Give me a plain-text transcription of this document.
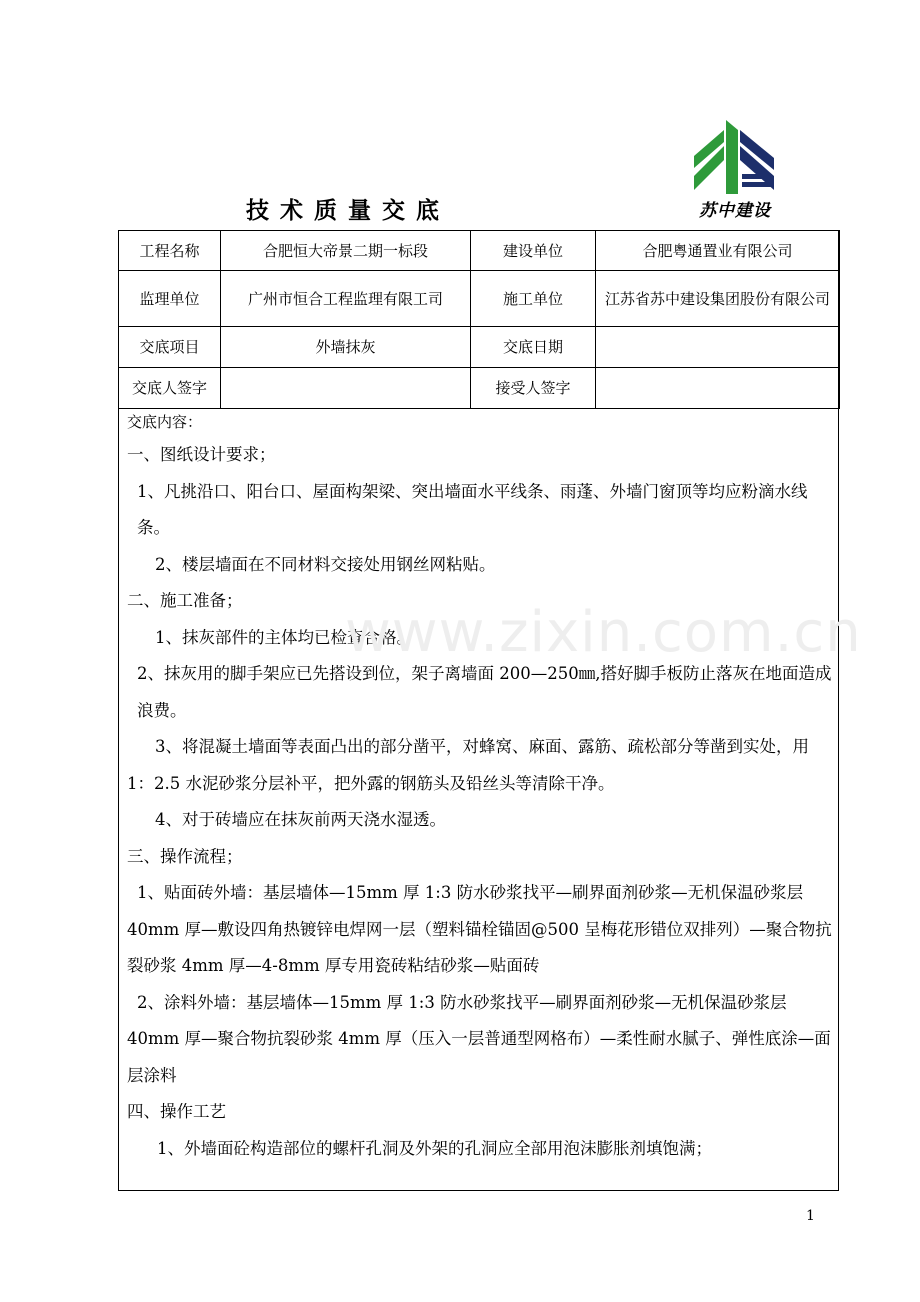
苏中建设
技术质量交底
工程名称	合肥恒大帝景二期一标段	建设单位	合肥粤通置业有限公司
监理单位	广州市恒合工程监理有限工司	施工单位	江苏省苏中建设集团股份有限公司
交底项目	外墙抹灰	交底日期	
交底人签字		接受人签字	
交底内容：

一、图纸设计要求；

1、凡挑沿口、阳台口、屋面构架梁、突出墙面水平线条、雨蓬、外墙门窗顶等均应粉滴水线条。

2、楼层墙面在不同材料交接处用钢丝网粘贴。

二、施工准备；

1、抹灰部件的主体均已检查合格。

2、抹灰用的脚手架应已先搭设到位，架子离墙面 200—250㎜,搭好脚手板防止落灰在地面造成浪费。

3、将混凝土墙面等表面凸出的部分凿平，对蜂窝、麻面、露筋、疏松部分等凿到实处，用 1：2.5 水泥砂浆分层补平，把外露的钢筋头及铅丝头等清除干净。

4、对于砖墙应在抹灰前两天浇水湿透。

三、操作流程；

1、贴面砖外墙：基层墙体—15mm 厚 1:3 防水砂浆找平—刷界面剂砂浆—无机保温砂浆层 40mm 厚—敷设四角热镀锌电焊网一层（塑料锚栓锚固@500 呈梅花形错位双排列）—聚合物抗裂砂浆 4mm 厚—4-8mm 厚专用瓷砖粘结砂浆—贴面砖

2、涂料外墙：基层墙体—15mm 厚 1:3 防水砂浆找平—刷界面剂砂浆—无机保温砂浆层 40mm 厚—聚合物抗裂砂浆 4mm 厚（压入一层普通型网格布）—柔性耐水腻子、弹性底涂—面层涂料

四、操作工艺

1、外墙面砼构造部位的螺杆孔洞及外架的孔洞应全部用泡沫膨胀剂填饱满；

www.zixin.com.cn
1
